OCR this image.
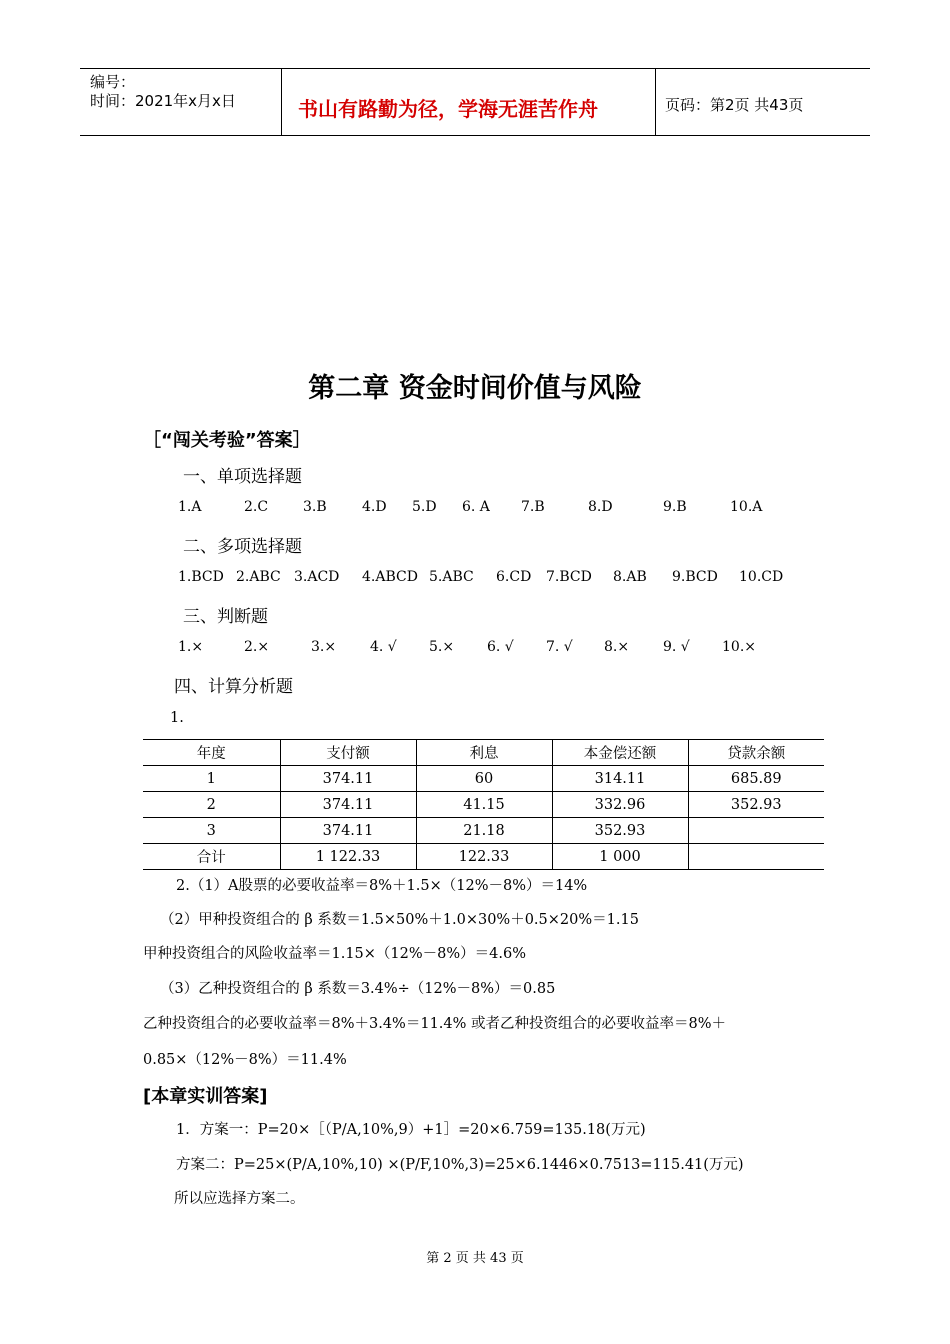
编号：
时间：2021年x月x日	书山有路勤为径，学海无涯苦作舟	页码：第2页 共43页
第二章 资金时间价值与风险
［“闯关考验”答案］
一、单项选择题
1.A	2.C 3.B	4.D 5.D 6. A 7.B	8.D	9.B	10.A
二、多项选择题
1.BCD 2.ABC 3.ACD 4.ABCD 5.ABC 6.CD 7.BCD 8.AB 9.BCD 10.CD
三、判断题
1.×	2.×	3.× 4. √ 5.× 6. √ 7. √ 8.× 9. √ 10.×
四、计算分析题
1.
年度	支付额	利息	本金偿还额	贷款余额
1	374.11	60	314.11	685.89
2	374.11	41.15	332.96	352.93
3	374.11	21.18	352.93	
合计	1 122.33	122.33	1 000	
2.（1）A股票的必要收益率＝8%＋1.5×（12%－8%）＝14%
（2）甲种投资组合的 β 系数＝1.5×50%＋1.0×30%＋0.5×20%＝1.15
甲种投资组合的风险收益率＝1.15×（12%－8%）＝4.6%
（3）乙种投资组合的 β 系数＝3.4%÷（12%－8%）＝0.85
乙种投资组合的必要收益率＝8%＋3.4%＝11.4% 或者乙种投资组合的必要收益率＝8%＋
0.85×（12%－8%）＝11.4%
[本章实训答案]
1．方案一：P=20×［（P/A,10%,9）+1］=20×6.759=135.18(万元)
方案二：P=25×(P/A,10%,10) ×(P/F,10%,3)=25×6.1446×0.7513=115.41(万元)
所以应选择方案二。
第 2 页 共 43 页
